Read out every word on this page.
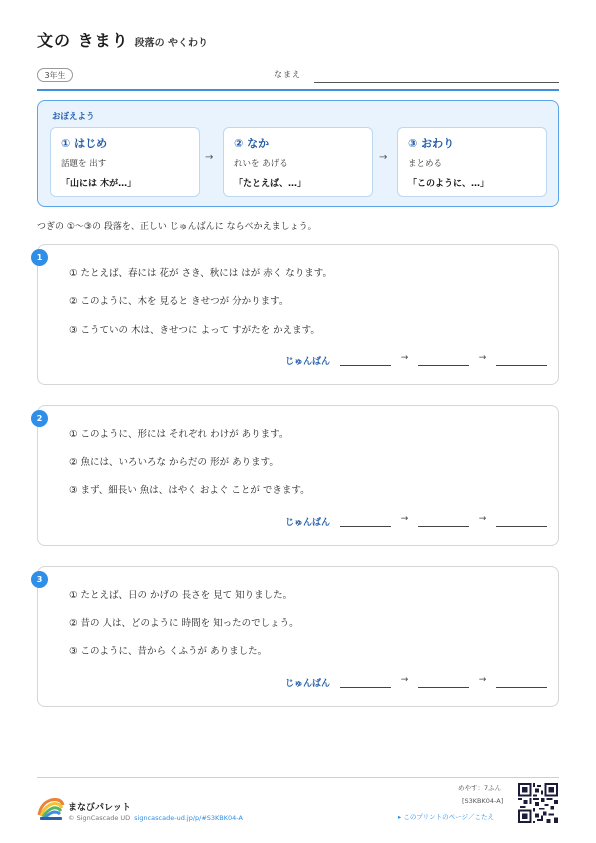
文の きまり 段落の やくわり
3年生	なまえ
おぼえよう
① はじめ
話題を 出す
「山には 木が…」
→
② なか
れいを あげる
「たとえば、…」
→
③ おわり
まとめる
「このように、…」
つぎの ①～③の 段落を、正しい じゅんばんに ならべかえましょう。
1
① たとえば、春には 花が さき、秋には はが 赤く なります。
② このように、木を 見ると きせつが 分かります。
③ こうていの 木は、きせつに よって すがたを かえます。
じゅんばん	→	→
2
① このように、形には それぞれ わけが あります。
② 魚には、いろいろな からだの 形が あります。
③ まず、細長い 魚は、はやく およぐ ことが できます。
じゅんばん	→	→
3
① たとえば、日の かげの 長さを 見て 知りました。
② 昔の 人は、どのように 時間を 知ったのでしょう。
③ このように、昔から くふうが ありました。
じゅんばん	→	→
まなびパレット
© SignCascade UD signcascade-ud.jp/p/#S3KBK04-A
めやす：7ふん
[S3KBK04-A]
▸ このプリントのページ／こたえ
